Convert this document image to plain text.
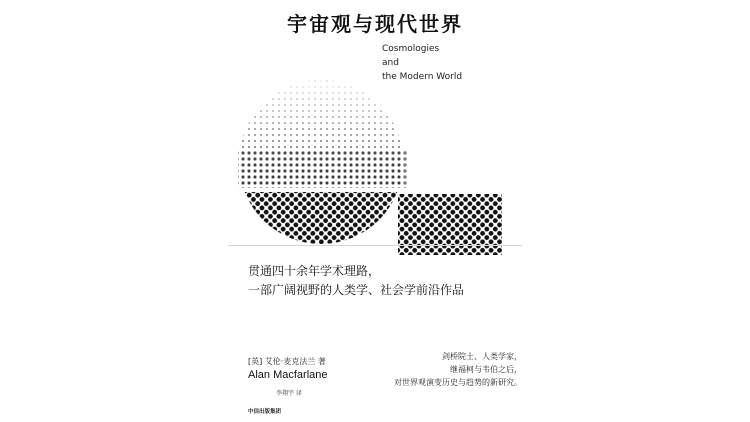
宇宙观与现代世界
Cosmologies
and
the Modern World
贯通四十余年学术理路，
一部广阔视野的人类学、社会学前沿作品
[英] 艾伦·麦克法兰 著
Alan Macfarlane
李翔宇 译
中信出版集团
剑桥院士、人类学家，
继福柯与韦伯之后，
对世界观演变历史与趋势的新研究。
